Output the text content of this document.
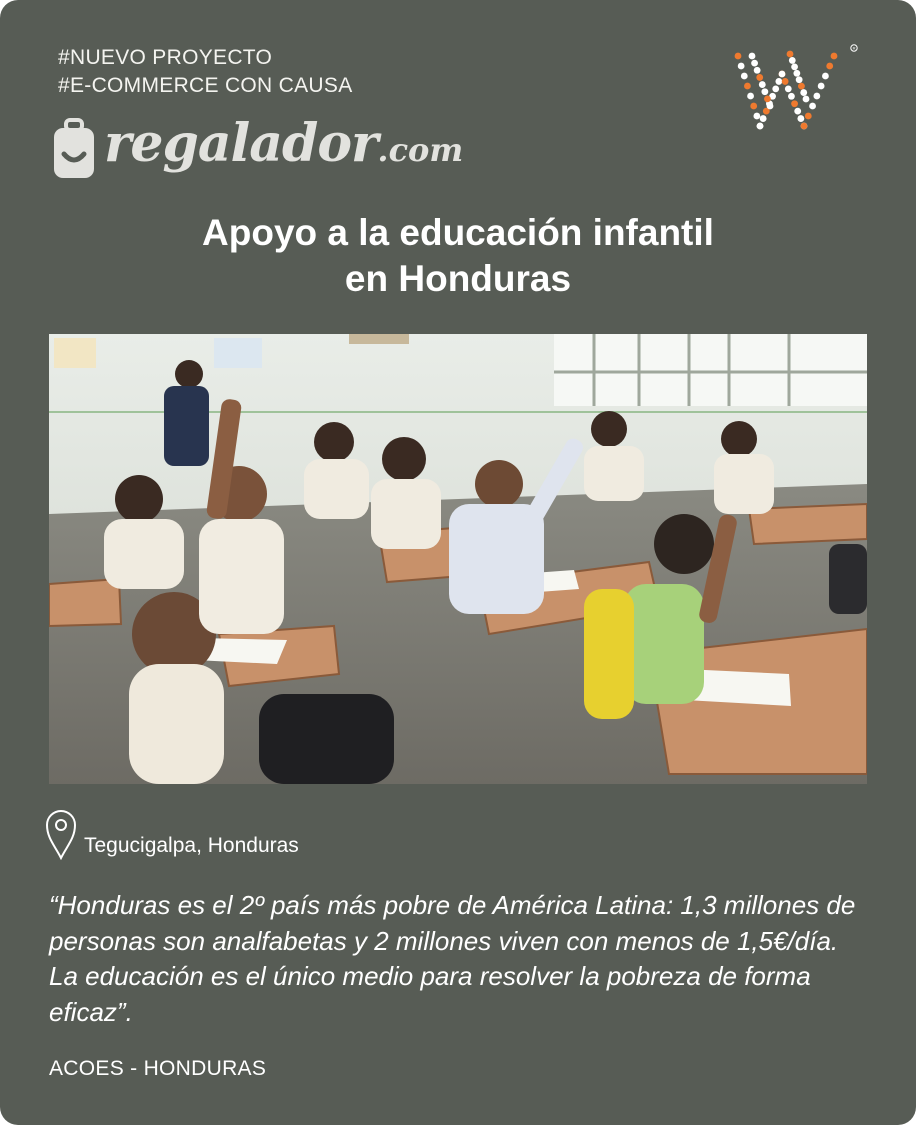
#NUEVO PROYECTO
#E-COMMERCE CON CAUSA
regalador.com
R
Apoyo a la educación infantil
en Honduras
Tegucigalpa, Honduras
“Honduras es el 2º país más pobre de América Latina: 1,3 millones de personas son analfabetas y 2 millones viven con menos de 1,5€/día. La educación es el único medio para resolver la pobreza de forma eficaz”.
ACOES - HONDURAS
